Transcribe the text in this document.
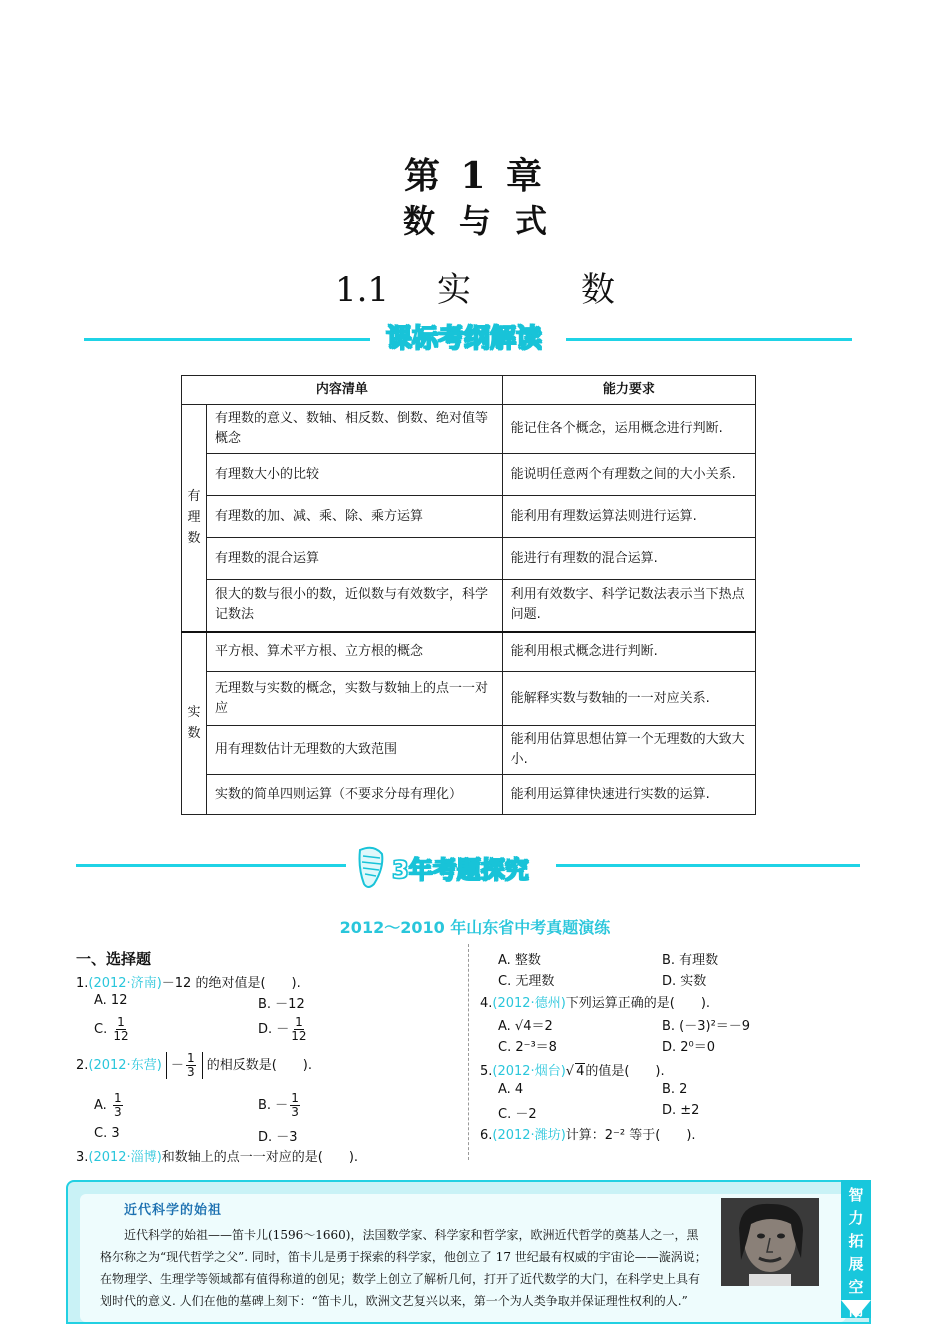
第 1 章
数与式
1.1 实	数
课标考纲解读
内容清单		能力要求

有理数	有理数的意义、数轴、相反数、倒数、绝对值等概念	能记住各个概念，运用概念进行判断.
	有理数大小的比较	能说明任意两个有理数之间的大小关系.
	有理数的加、减、乘、除、乘方运算	能利用有理数运算法则进行运算.
	有理数的混合运算	能进行有理数的混合运算.
	很大的数与很小的数，近似数与有效数字，科学记数法	利用有效数字、科学记数法表示当下热点问题.

实数	平方根、算术平方根、立方根的概念	能利用根式概念进行判断.
	无理数与实数的概念，实数与数轴上的点一一对应	能解释实数与数轴的一一对应关系.
	用有理数估计无理数的大致范围	能利用估算思想估算一个无理数的大致大小.
	实数的简单四则运算（不要求分母有理化）	能利用运算律快速进行实数的运算.
3年考题探究
2012～2010 年山东省中考真题演练
一、选择题
1.(2012·济南)－12 的绝对值是(　　).
A. 12	B. －12
C. $\frac{1}{12}$	D. － $\frac{1}{12}$
2.(2012·东营) － $\frac{1}{3}$ 的相反数是(　　).
A. $\frac{1}{3}$	B. － $\frac{1}{3}$
C. 3	D. －3
3.(2012·淄博)和数轴上的点一一对应的是(　　).
A. 整数	B. 有理数
C. 无理数	D. 实数
4.(2012·德州)下列运算正确的是(　　).
A. √4＝2	B. (－3)²＝－9
C. 2⁻³＝8	D. 2⁰＝0
5.(2012·烟台)√ 4的值是(　　).
A. 4	B. 2
C. －2	D. ±2
6.(2012·潍坊)计算：2⁻² 等于(　　).
近代科学的始祖
近代科学的始祖——笛卡儿(1596～1660)，法国数学家、科学家和哲学家，欧洲近代哲学的奠基人之一，黑格尔称之为“现代哲学之父”. 同时，笛卡儿是勇于探索的科学家，他创立了 17 世纪最有权威的宇宙论——漩涡说；在物理学、生理学等领域都有值得称道的创见；数学上创立了解析几何，打开了近代数学的大门，在科学史上具有划时代的意义. 人们在他的墓碑上刻下：“笛卡儿，欧洲文艺复兴以来，第一个为人类争取并保证理性权利的人.”
智力拓展空间
